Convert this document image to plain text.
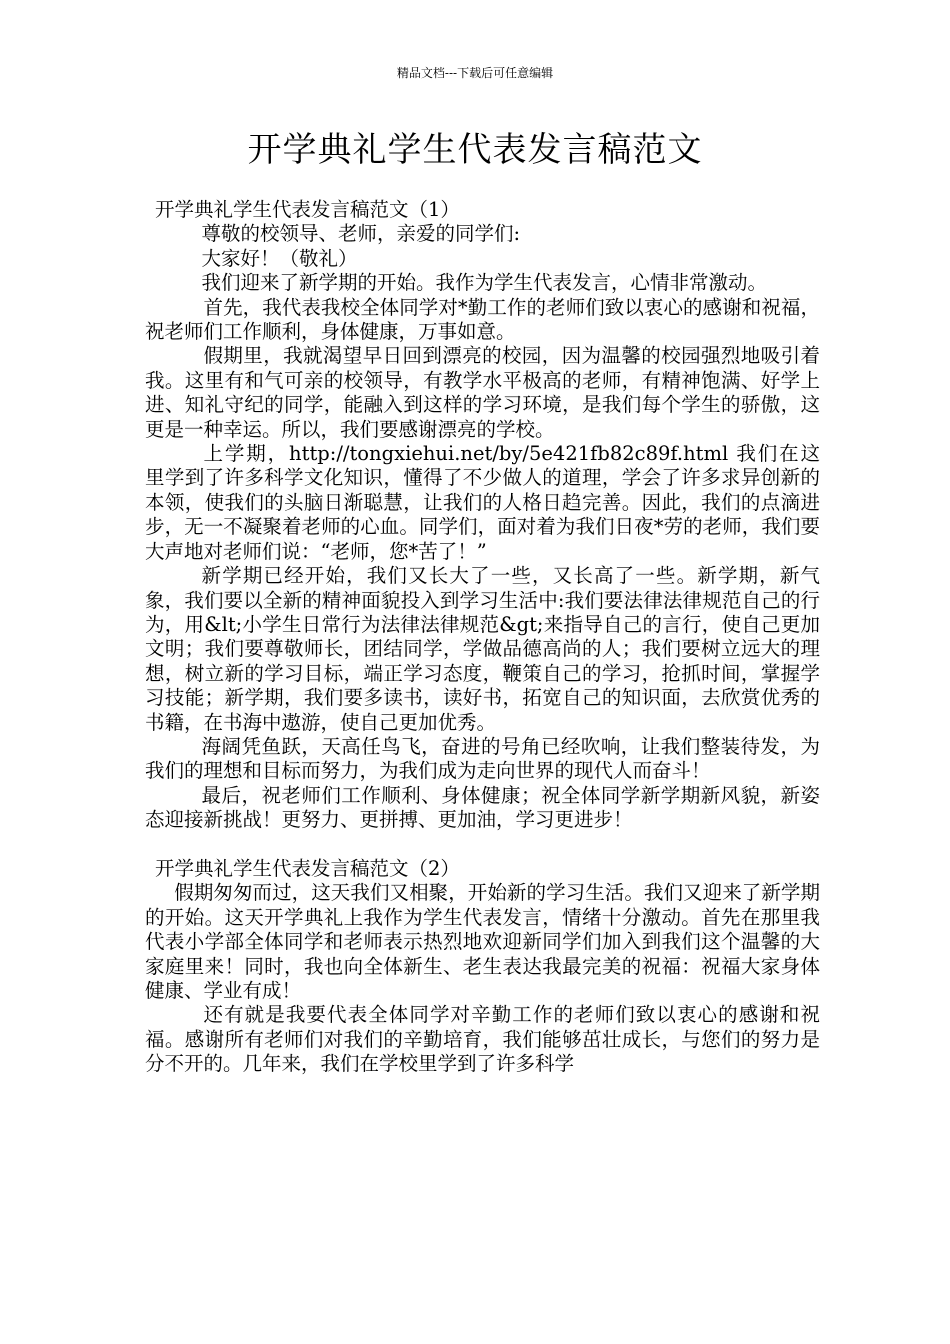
精品文档---下载后可任意编辑
开学典礼学生代表发言稿范文

开学典礼学生代表发言稿范文（1）

尊敬的校领导、老师，亲爱的同学们:

大家好！（敬礼）

我们迎来了新学期的开始。我作为学生代表发言，心情非常激动。

首先，我代表我校全体同学对*勤工作的老师们致以衷心的感谢和祝福，祝老师们工作顺利，身体健康，万事如意。

假期里，我就渴望早日回到漂亮的校园，因为温馨的校园强烈地吸引着我。这里有和气可亲的校领导，有教学水平极高的老师，有精神饱满、好学上进、知礼守纪的同学，能融入到这样的学习环境，是我们每个学生的骄傲，这更是一种幸运。所以，我们要感谢漂亮的学校。

上学期，http://tongxiehui.net/by/5e421fb82c89f.html 我们在这里学到了许多科学文化知识，懂得了不少做人的道理，学会了许多求异创新的本领，使我们的头脑日渐聪慧，让我们的人格日趋完善。因此，我们的点滴进步，无一不凝聚着老师的心血。同学们，面对着为我们日夜*劳的老师，我们要大声地对老师们说：“老师，您*苦了！”

新学期已经开始，我们又长大了一些，又长高了一些。新学期，新气象，我们要以全新的精神面貌投入到学习生活中:我们要法律法律规范自己的行为，用&lt;小学生日常行为法律法律规范&gt;来指导自己的言行，使自己更加文明；我们要尊敬师长，团结同学，学做品德高尚的人；我们要树立远大的理想，树立新的学习目标，端正学习态度，鞭策自己的学习，抢抓时间，掌握学习技能；新学期，我们要多读书，读好书，拓宽自己的知识面，去欣赏优秀的书籍，在书海中遨游，使自己更加优秀。

海阔凭鱼跃，天高任鸟飞，奋进的号角已经吹响，让我们整装待发，为我们的理想和目标而努力，为我们成为走向世界的现代人而奋斗！

最后，祝老师们工作顺利、身体健康；祝全体同学新学期新风貌，新姿态迎接新挑战！更努力、更拼搏、更加油，学习更进步！

开学典礼学生代表发言稿范文（2）

假期匆匆而过，这天我们又相聚，开始新的学习生活。我们又迎来了新学期的开始。这天开学典礼上我作为学生代表发言，情绪十分激动。首先在那里我代表小学部全体同学和老师表示热烈地欢迎新同学们加入到我们这个温馨的大家庭里来！同时，我也向全体新生、老生表达我最完美的祝福：祝福大家身体健康、学业有成！

还有就是我要代表全体同学对辛勤工作的老师们致以衷心的感谢和祝福。感谢所有老师们对我们的辛勤培育，我们能够茁壮成长，与您们的努力是分不开的。几年来，我们在学校里学到了许多科学
